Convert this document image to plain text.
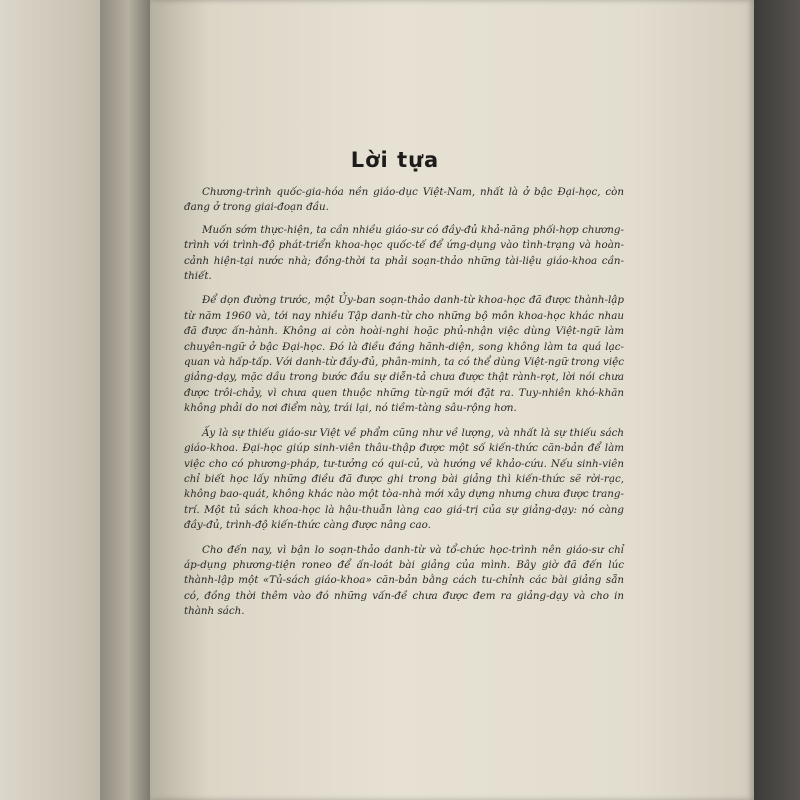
Lời tựa

Chương-trình quốc-gia-hóa nền giáo-dục Việt-Nam, nhất là ở bậc Đại-học, còn đang ở trong giai-đoạn đầu.

Muốn sớm thực-hiện, ta cần nhiều giáo-sư có đầy-đủ khả-năng phối-hợp chương-trình với trình-độ phát-triển khoa-học quốc-tế để ứng-dụng vào tình-trạng và hoàn-cảnh hiện-tại nước nhà; đồng-thời ta phải soạn-thảo những tài-liệu giáo-khoa cần-thiết.

Để dọn đường trước, một Ủy-ban soạn-thảo danh-từ khoa-học đã được thành-lập từ năm 1960 và, tới nay nhiều Tập danh-từ cho những bộ môn khoa-học khác nhau đã được ấn-hành. Không ai còn hoài-nghi hoặc phủ-nhận việc dùng Việt-ngữ làm chuyên-ngữ ở bậc Đại-học. Đó là điều đáng hãnh-diện, song không làm ta quá lạc-quan và hấp-tấp. Với danh-từ đầy-đủ, phân-minh, ta có thể dùng Việt-ngữ trong việc giảng-dạy, mặc dầu trong bước đầu sự diễn-tả chưa được thật rành-rọt, lời nói chưa được trôi-chảy, vì chưa quen thuộc những từ-ngữ mới đặt ra. Tuy-nhiên khó-khăn không phải do nơi điểm này, trái lại, nó tiềm-tàng sâu-rộng hơn.

Ấy là sự thiếu giáo-sư Việt về phẩm cũng như về lượng, và nhất là sự thiếu sách giáo-khoa. Đại-học giúp sinh-viên thâu-thập được một số kiến-thức căn-bản để làm việc cho có phương-pháp, tư-tưởng có qui-củ, và hướng về khảo-cứu. Nếu sinh-viên chỉ biết học lấy những điều đã được ghi trong bài giảng thì kiến-thức sẽ rời-rạc, không bao-quát, không khác nào một tòa-nhà mới xây dựng nhưng chưa được trang-trí. Một tủ sách khoa-học là hậu-thuẫn làng cao giá-trị của sự giảng-dạy: nó càng đầy-đủ, trình-độ kiến-thức càng được nâng cao.

Cho đến nay, vì bận lo soạn-thảo danh-từ và tổ-chức học-trình nên giáo-sư chỉ áp-dụng phương-tiện roneo để ấn-loát bài giảng của mình. Bây giờ đã đến lúc thành-lập một «Tủ-sách giáo-khoa» căn-bản bằng cách tu-chỉnh các bài giảng sẵn có, đồng thời thêm vào đó những vấn-đề chưa được đem ra giảng-dạy và cho in thành sách.
